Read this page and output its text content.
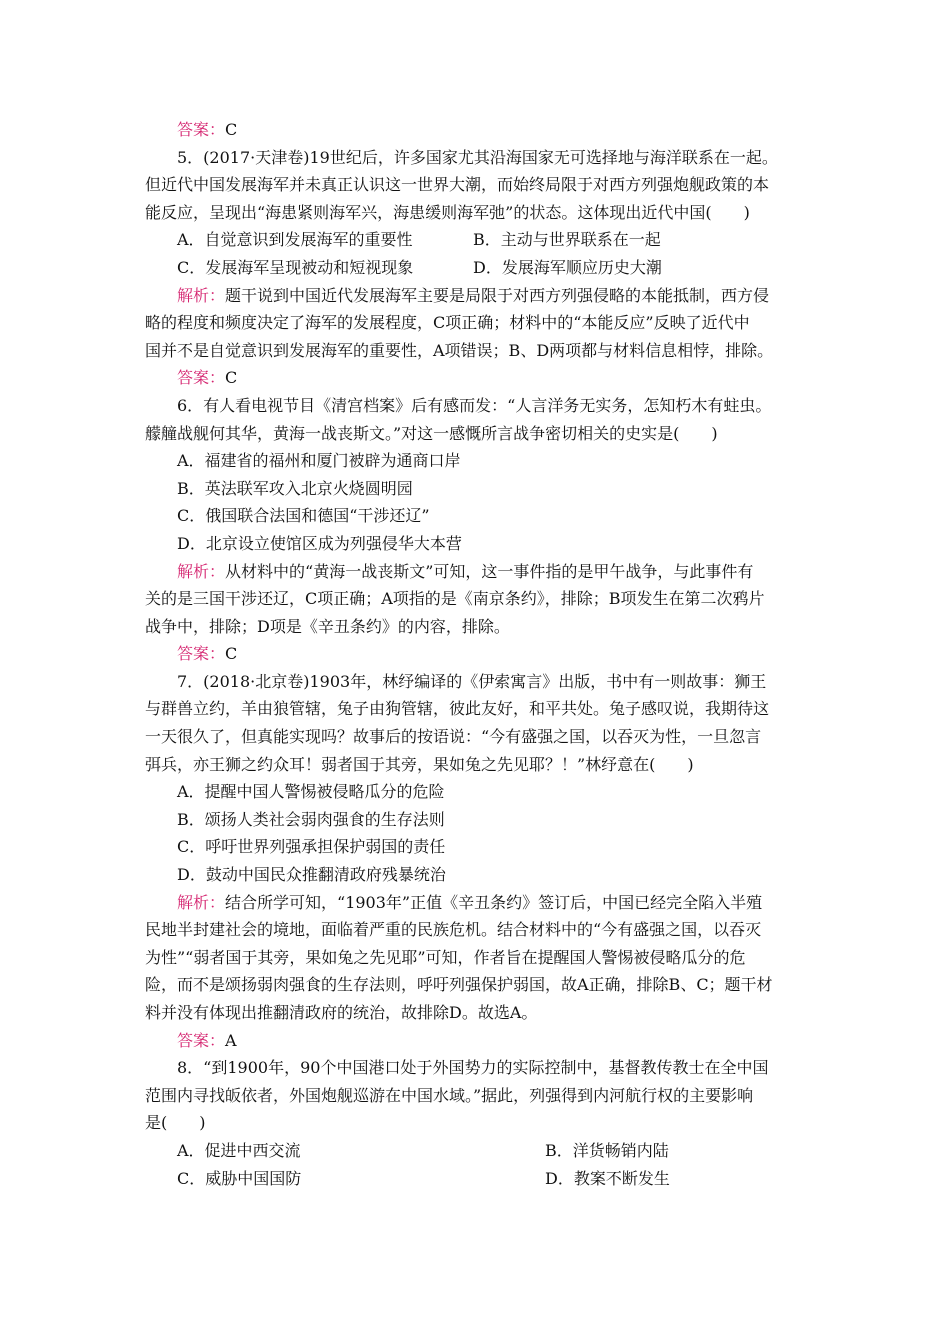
答案：C
5．(2017·天津卷)19世纪后，许多国家尤其沿海国家无可选择地与海洋联系在一起。
但近代中国发展海军并未真正认识这一世界大潮，而始终局限于对西方列强炮舰政策的本
能反应，呈现出“海患紧则海军兴，海患缓则海军弛”的状态。这体现出近代中国(　　)
A．自觉意识到发展海军的重要性	B．主动与世界联系在一起
C．发展海军呈现被动和短视现象	D．发展海军顺应历史大潮
解析：题干说到中国近代发展海军主要是局限于对西方列强侵略的本能抵制，西方侵
略的程度和频度决定了海军的发展程度，C项正确；材料中的“本能反应”反映了近代中
国并不是自觉意识到发展海军的重要性，A项错误；B、D两项都与材料信息相悖，排除。
答案：C
6．有人看电视节目《清宫档案》后有感而发：“人言洋务无实务，怎知朽木有蛀虫。
艨艟战舰何其华，黄海一战丧斯文。”对这一感慨所言战争密切相关的史实是(　　)
A．福建省的福州和厦门被辟为通商口岸
B．英法联军攻入北京火烧圆明园
C．俄国联合法国和德国“干涉还辽”
D．北京设立使馆区成为列强侵华大本营
解析：从材料中的“黄海一战丧斯文”可知，这一事件指的是甲午战争，与此事件有
关的是三国干涉还辽，C项正确；A项指的是《南京条约》，排除；B项发生在第二次鸦片
战争中，排除；D项是《辛丑条约》的内容，排除。
答案：C
7．(2018·北京卷)1903年，林纾编译的《伊索寓言》出版，书中有一则故事：狮王
与群兽立约，羊由狼管辖，兔子由狗管辖，彼此友好，和平共处。兔子感叹说，我期待这
一天很久了，但真能实现吗？故事后的按语说：“今有盛强之国，以吞灭为性，一旦忽言
弭兵，亦王狮之约众耳！弱者国于其旁，果如兔之先见耶？！”林纾意在(　　)
A．提醒中国人警惕被侵略瓜分的危险
B．颂扬人类社会弱肉强食的生存法则
C．呼吁世界列强承担保护弱国的责任
D．鼓动中国民众推翻清政府残暴统治
解析：结合所学可知，“1903年”正值《辛丑条约》签订后，中国已经完全陷入半殖
民地半封建社会的境地，面临着严重的民族危机。结合材料中的“今有盛强之国，以吞灭
为性”“弱者国于其旁，果如兔之先见耶”可知，作者旨在提醒国人警惕被侵略瓜分的危
险，而不是颂扬弱肉强食的生存法则，呼吁列强保护弱国，故A正确，排除B、C；题干材
料并没有体现出推翻清政府的统治，故排除D。故选A。
答案：A
8．“到1900年，90个中国港口处于外国势力的实际控制中，基督教传教士在全中国
范围内寻找皈依者，外国炮舰巡游在中国水域。”据此，列强得到内河航行权的主要影响
是(　　)
A．促进中西交流	B．洋货畅销内陆
C．威胁中国国防	D．教案不断发生
